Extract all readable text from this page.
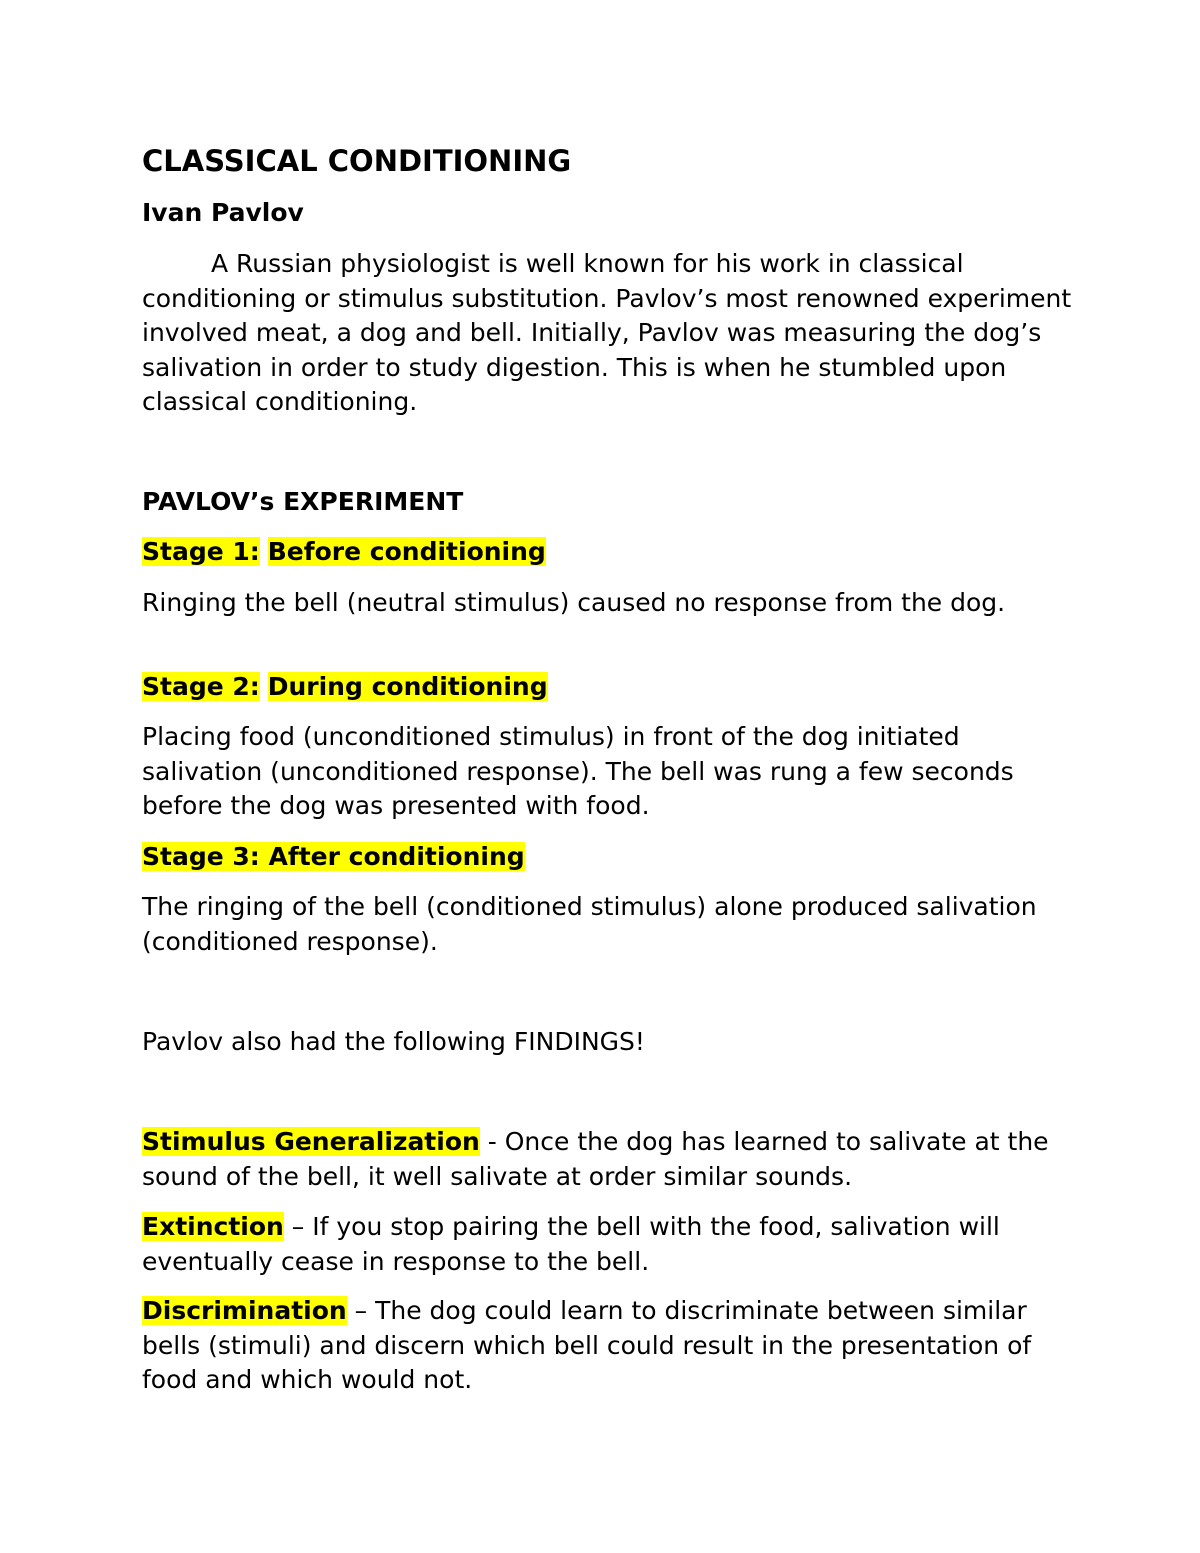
CLASSICAL CONDITIONING

Ivan Pavlov

A Russian physiologist is well known for his work in classical conditioning or stimulus substitution. Pavlov’s most renowned experiment involved meat, a dog and bell. Initially, Pavlov was measuring the dog’s salivation in order to study digestion. This is when he stumbled upon classical conditioning.

PAVLOV’s EXPERIMENT

Stage 1: Before conditioning

Ringing the bell (neutral stimulus) caused no response from the dog.

Stage 2: During conditioning

Placing food (unconditioned stimulus) in front of the dog initiated salivation (unconditioned response). The bell was rung a few seconds before the dog was presented with food.

Stage 3: After conditioning

The ringing of the bell (conditioned stimulus) alone produced salivation (conditioned response).

Pavlov also had the following FINDINGS!

Stimulus Generalization - Once the dog has learned to salivate at the sound of the bell, it well salivate at order similar sounds.

Extinction – If you stop pairing the bell with the food, salivation will eventually cease in response to the bell.

Discrimination – The dog could learn to discriminate between similar bells (stimuli) and discern which bell could result in the presentation of food and which would not.
